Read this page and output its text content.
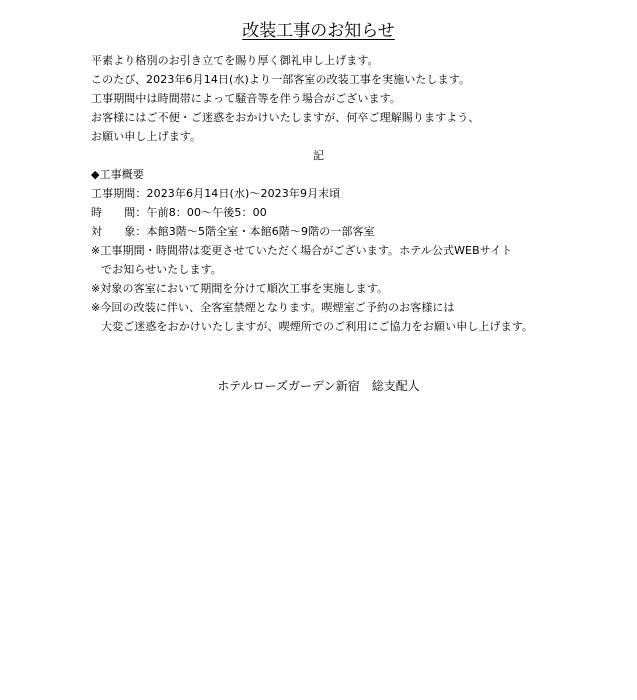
改装工事のお知らせ
平素より格別のお引き立てを賜り厚く御礼申し上げます。
このたび、2023年6月14日(水)より一部客室の改装工事を実施いたします。
工事期間中は時間帯によって騒音等を伴う場合がございます。
お客様にはご不便・ご迷惑をおかけいたしますが、何卒ご理解賜りますよう、
お願い申し上げます。
記
◆工事概要
工事期間：2023年6月14日(水)～2023年9月末頃
時　　間：午前8：00～午後5：00
対　　象：本館3階～5階全室・本館6階～9階の一部客室
※工事期間・時間帯は変更させていただく場合がございます。ホテル公式WEBサイト
でお知らせいたします。
※対象の客室において期間を分けて順次工事を実施します。
※今回の改装に伴い、全客室禁煙となります。喫煙室ご予約のお客様には
大変ご迷惑をおかけいたしますが、喫煙所でのご利用にご協力をお願い申し上げます。
ホテルローズガーデン新宿　総支配人
